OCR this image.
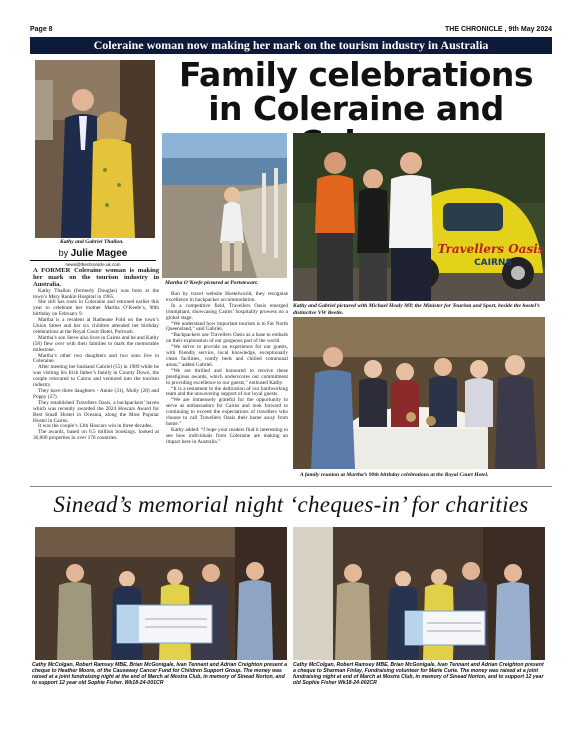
Page 8	THE CHRONICLE , 9th May 2024
Coleraine woman now making her mark on the tourism industry in Australia
Kathy and Gabriel Thallon.
Family celebrations in Coleraine and
Martha O’Keefe pictured at Portstewart.
Travellers Oasis
CAIRNS
Kathy and Gabriel pictured with Michael Healy MP, the Minister for Tourism and Sport, beside the hostel’s distinctive VW Beetle.
by Julie Magee
news@thechronicle.uk.com

A FORMER Coleraine woman is making her mark on the tourism industry in Australia.

Kathy Thallon (formerly Douglas) was born at the town’s Mary Rankin Hospital in 1965.

She still has roots in Coleraine and returned earlier this year to celebrate her mother Martha O’Keefe’s, 90th birthday on February 9.

Martha is a resident at Ratheane Fold on the town’s Union Street and her six children attended her birthday celebrations at the Royal Court Hotel, Portrush.

Martha’s son Steve also lives in Cairns and he and Kathy (58) flew over with their families to mark the memorable milestone.

Martha’s other two daughters and two sons live in Coleraine.

After meeting her husband Gabriel (55) in 1989 while he was visiting his Irish father’s family in County Down, the couple relocated to Cairns and ventured into the tourism industry.

They have three daughters - Annie (31), Molly (28) and Poppy (27).

They established Travellers Oasis, a backpackers’ haven which was recently awarded the 2024 Hoscars Award for Best Small Hostel in Oceania, along the Most Popular Hostel in Cairns.

It was the couple’s 13th Hoscars win in three decades.

The awards, based on 6.5 million bookings, looked at 36,000 properties in over 170 countries.

Run by travel website Hostelworld, they recognise excellence in backpacker accommodation.

In a competitive field, Travellers Oasis emerged triumphant, showcasing Cairns’ hospitality prowess on a global stage.

“We understand how important tourism is to Far North Queensland,” said Gabriel.

“Backpackers use Travellers Oasis as a base to embark on their exploration of our gorgeous part of the world.

“We strive to provide an experience for our guests, with friendly service, local knowledge, exceptionally clean facilities, comfy beds and chilled communal areas,” added Gabriel.

“We are thrilled and honoured to receive these prestigious awards, which underscores our commitment to providing excellence to our guests,” enthused Kathy.

“It is a testament to the dedication of our hardworking team and the unwavering support of our loyal guests.

“We are immensely grateful for the opportunity to serve as ambassadors for Cairns and look forward to continuing to exceed the expectations of travellers who choose to call Travellers Oasis their home away from home.”

Kathy added: “I hope your readers find it interesting to see how individuals from Coleraine are making an impact here in Australia.”

A family reunion at Martha’s 90th birthday celebrations at the Royal Court Hotel.
Sinead’s memorial night ‘cheques-in’ for charities
Cathy McColgan, Robert Ramsey MBE, Brian McGonigale, Ivan Tennant and Adrian Creighton present a cheque to Heather Moore, of the Causeway Cancer Fund for Children Support Group. The money was raised at a joint fundraising night at the end of March at Mostra Club, in memory of Sinead Norton, and to support 12 year old Sophie Fisher. Wk18-24-001CR
Cathy McColgan, Robert Ramsey MBE, Brian McGonigale, Ivan Tennant and Adrian Creighton present a cheque to Sharman Finlay, Fundraising volunteer for Marie Curie. The money was raised at a joint fundraising night at end of March at Mostra Club, in memory of Sinead Norton, and to support 12 year old Sophie Fisher Wk18-24-002CR
